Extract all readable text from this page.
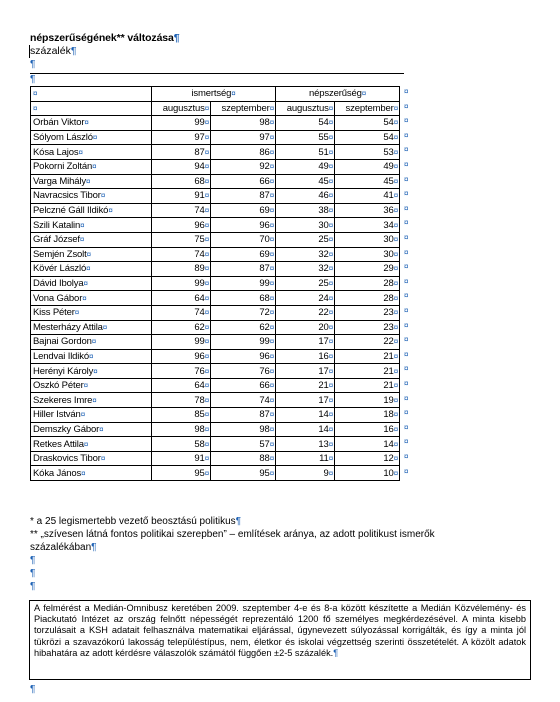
népszerűségének** változása¶
százalék¶
¶
¶
¤	ismertség¤		népszerűség¤	
¤	augusztus¤	szeptember¤	augusztus¤	szeptember¤
Orbán Viktor¤	99¤	98¤	54¤	54¤
Sólyom László¤	97¤	97¤	55¤	54¤
Kósa Lajos¤	87¤	86¤	51¤	53¤
Pokorni Zoltán¤	94¤	92¤	49¤	49¤
Varga Mihály¤	68¤	66¤	45¤	45¤
Navracsics Tibor¤	91¤	87¤	46¤	41¤
Pelczné Gáll Ildikó¤	74¤	69¤	38¤	36¤
Szili Katalin¤	96¤	96¤	30¤	34¤
Gráf József¤	75¤	70¤	25¤	30¤
Semjén Zsolt¤	74¤	69¤	32¤	30¤
Kövér László¤	89¤	87¤	32¤	29¤
Dávid Ibolya¤	99¤	99¤	25¤	28¤
Vona Gábor¤	64¤	68¤	24¤	28¤
Kiss Péter¤	74¤	72¤	22¤	23¤
Mesterházy Attila¤	62¤	62¤	20¤	23¤
Bajnai Gordon¤	99¤	99¤	17¤	22¤
Lendvai Ildikó¤	96¤	96¤	16¤	21¤
Herényi Károly¤	76¤	76¤	17¤	21¤
Oszkó Péter¤	64¤	66¤	21¤	21¤
Szekeres Imre¤	78¤	74¤	17¤	19¤
Hiller István¤	85¤	87¤	14¤	18¤
Demszky Gábor¤	98¤	98¤	14¤	16¤
Retkes Attila¤	58¤	57¤	13¤	14¤
Draskovics Tibor¤	91¤	88¤	11¤	12¤
Kóka János¤	95¤	95¤	9¤	10¤
¤
¤
¤
¤
¤
¤
¤
¤
¤
¤
¤
¤
¤
¤
¤
¤
¤
¤
¤
¤
¤
¤
¤
¤
¤
¤
¤
* a 25 legismertebb vezető beosztású politikus¶
** „szívesen látná fontos politikai szerepben” – említések aránya, az adott politikust ismerők
százalékában¶
¶
¶
¶

A felmérést a Medián-Omnibusz keretében 2009. szeptember 4-e és 8-a között készítette a Medián Közvélemény- és Piackutató Intézet az ország felnőtt népességét reprezentáló 1200 fő személyes megkérdezésével. A minta kisebb torzulásait a KSH adatait felhasználva matematikai eljárással, úgynevezett súlyozással korrigálták, és így a minta jól tükrözi a szavazókorú lakosság településtípus, nem, életkor és iskolai végzettség szerinti összetételét. A közölt adatok hibahatára az adott kérdésre válaszolók számától függően ±2-5 százalék.¶

¶
